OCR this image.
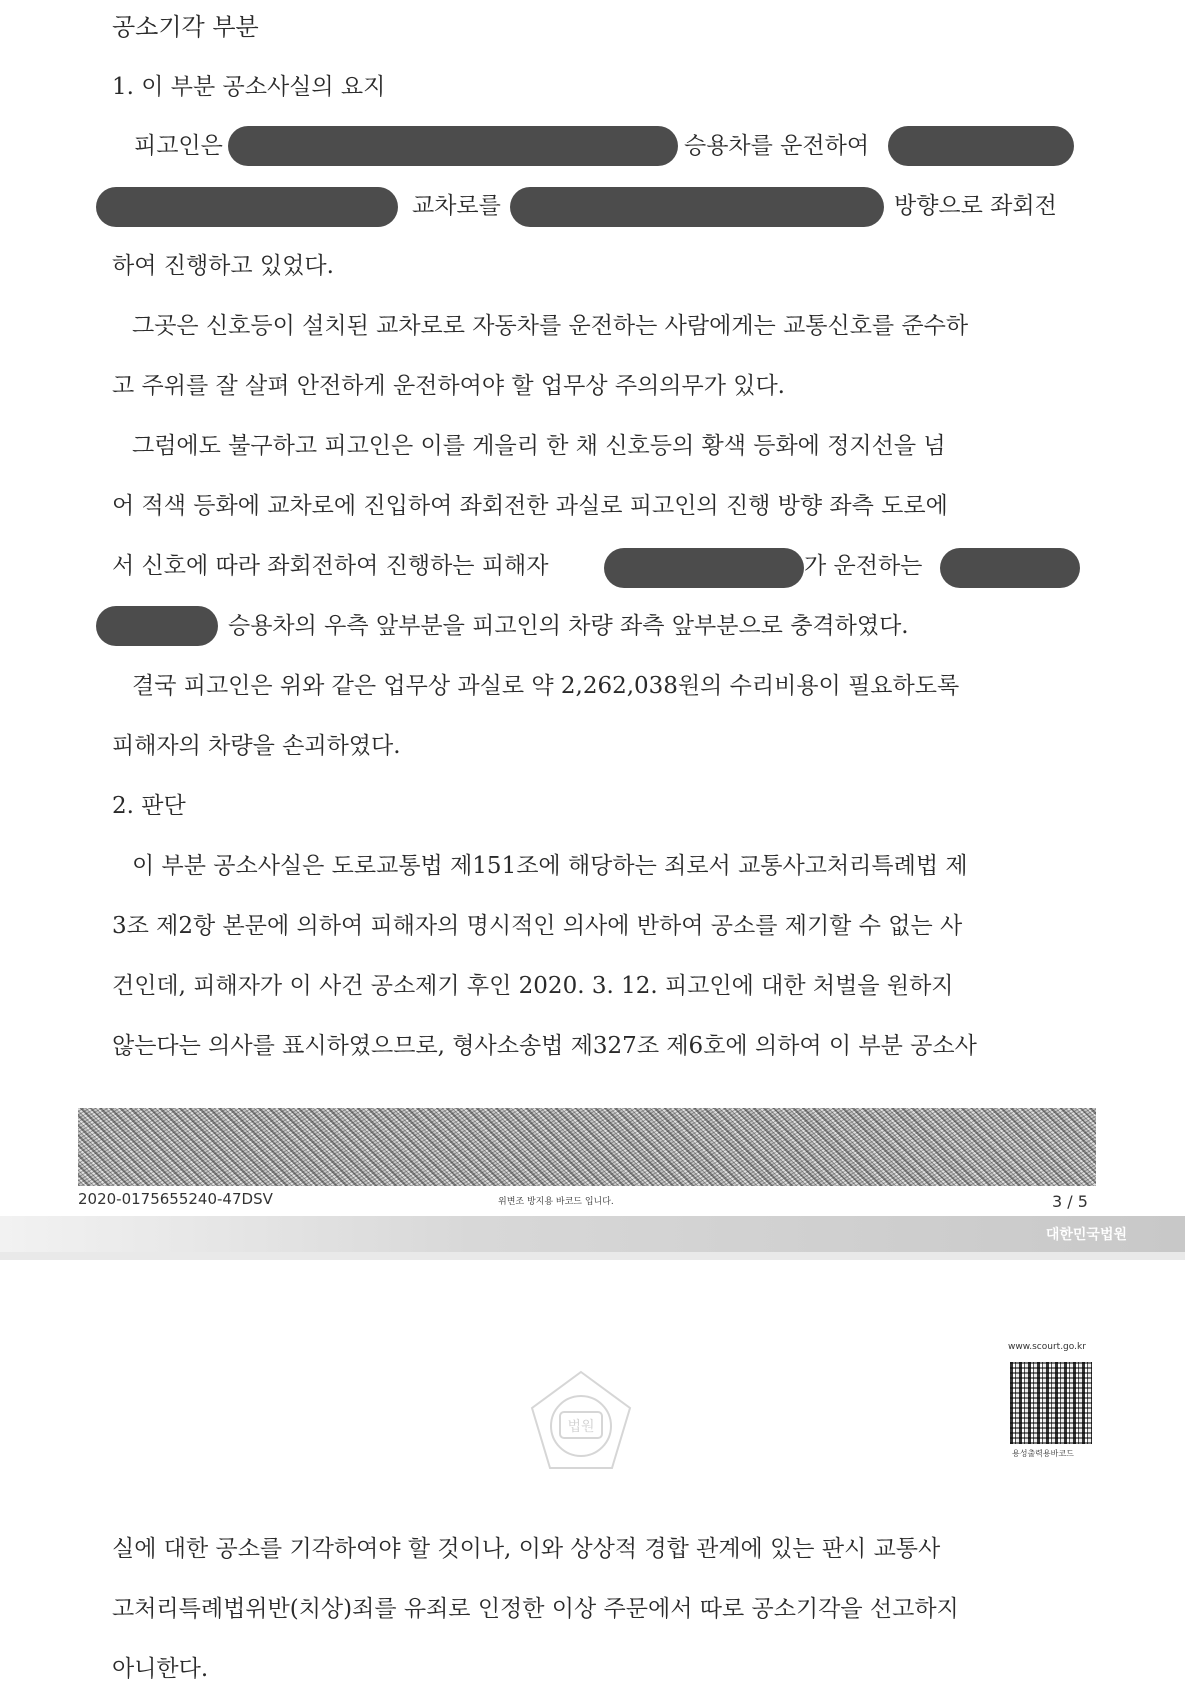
공소기각 부분
1. 이 부분 공소사실의 요지
피고인은	승용차를 운전하여
교차로를	방향으로 좌회전
하여 진행하고 있었다.
그곳은 신호등이 설치된 교차로로 자동차를 운전하는 사람에게는 교통신호를 준수하
고 주위를 잘 살펴 안전하게 운전하여야 할 업무상 주의의무가 있다.
그럼에도 불구하고 피고인은 이를 게을리 한 채 신호등의 황색 등화에 정지선을 넘
어 적색 등화에 교차로에 진입하여 좌회전한 과실로 피고인의 진행 방향 좌측 도로에
서 신호에 따라 좌회전하여 진행하는 피해자	가 운전하는
승용차의 우측 앞부분을 피고인의 차량 좌측 앞부분으로 충격하였다.
결국 피고인은 위와 같은 업무상 과실로 약 2,262,038원의 수리비용이 필요하도록
피해자의 차량을 손괴하였다.
2. 판단
이 부분 공소사실은 도로교통법 제151조에 해당하는 죄로서 교통사고처리특례법 제
3조 제2항 본문에 의하여 피해자의 명시적인 의사에 반하여 공소를 제기할 수 없는 사
건인데, 피해자가 이 사건 공소제기 후인 2020. 3. 12. 피고인에 대한 처벌을 원하지
않는다는 의사를 표시하였으므로, 형사소송법 제327조 제6호에 의하여 이 부분 공소사
2020-0175655240-47DSV	위변조 방지용 바코드 입니다.	3 / 5
대한민국법원
www.scourt.go.kr
용성출력용바코드
법원
실에 대한 공소를 기각하여야 할 것이나, 이와 상상적 경합 관계에 있는 판시 교통사
고처리특례법위반(치상)죄를 유죄로 인정한 이상 주문에서 따로 공소기각을 선고하지
아니한다.
